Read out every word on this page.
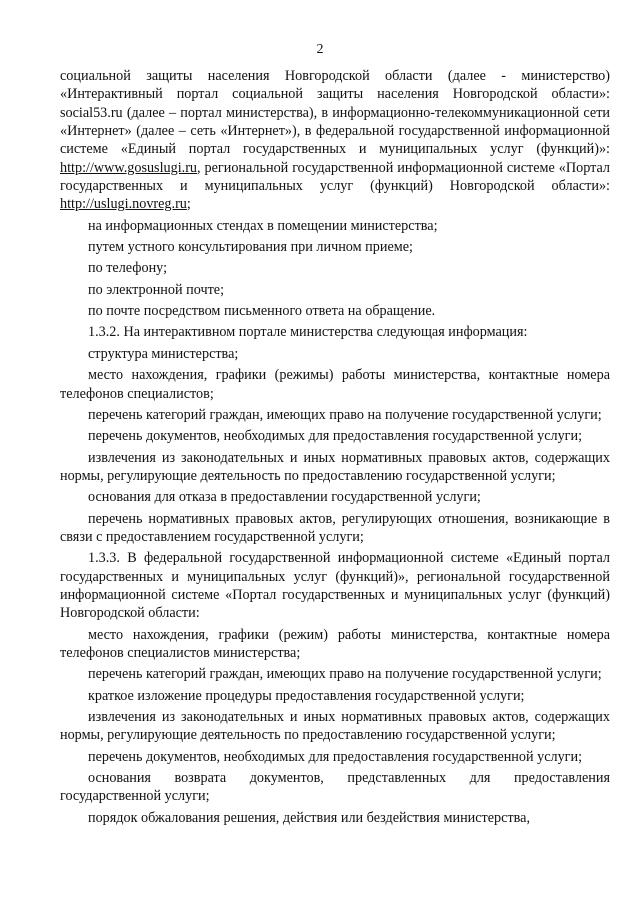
2

социальной защиты населения Новгородской области (далее - министерство) «Интерактивный портал социальной защиты населения Новгородской области»: social53.ru (далее – портал министерства), в информационно-телекоммуникационной сети «Интернет» (далее – сеть «Интернет»), в федеральной государственной информационной системе «Единый портал государственных и муниципальных услуг (функций)»: http://www.gosuslugi.ru, региональной государственной информационной системе «Портал государственных и муниципальных услуг (функций) Новгородской области»: http://uslugi.novreg.ru;

на информационных стендах в помещении министерства;

путем устного консультирования при личном приеме;

по телефону;

по электронной почте;

по почте посредством письменного ответа на обращение.

1.3.2. На интерактивном портале министерства следующая информация:

структура министерства;

место нахождения, графики (режимы) работы министерства, контактные номера телефонов специалистов;

перечень категорий граждан, имеющих право на получение государственной услуги;

перечень документов, необходимых для предоставления государственной услуги;

извлечения из законодательных и иных нормативных правовых актов, содержащих нормы, регулирующие деятельность по предоставлению государственной услуги;

основания для отказа в предоставлении государственной услуги;

перечень нормативных правовых актов, регулирующих отношения, возникающие в связи с предоставлением государственной услуги;

1.3.3. В федеральной государственной информационной системе «Единый портал государственных и муниципальных услуг (функций)», региональной государственной информационной системе «Портал государственных и муниципальных услуг (функций) Новгородской области:

место нахождения, графики (режим) работы министерства, контактные номера телефонов специалистов министерства;

перечень категорий граждан, имеющих право на получение государственной услуги;

краткое изложение процедуры предоставления государственной услуги;

извлечения из законодательных и иных нормативных правовых актов, содержащих нормы, регулирующие деятельность по предоставлению государственной услуги;

перечень документов, необходимых для предоставления государственной услуги;

основания возврата документов, представленных для предоставления государственной услуги;

порядок обжалования решения, действия или бездействия министерства,
